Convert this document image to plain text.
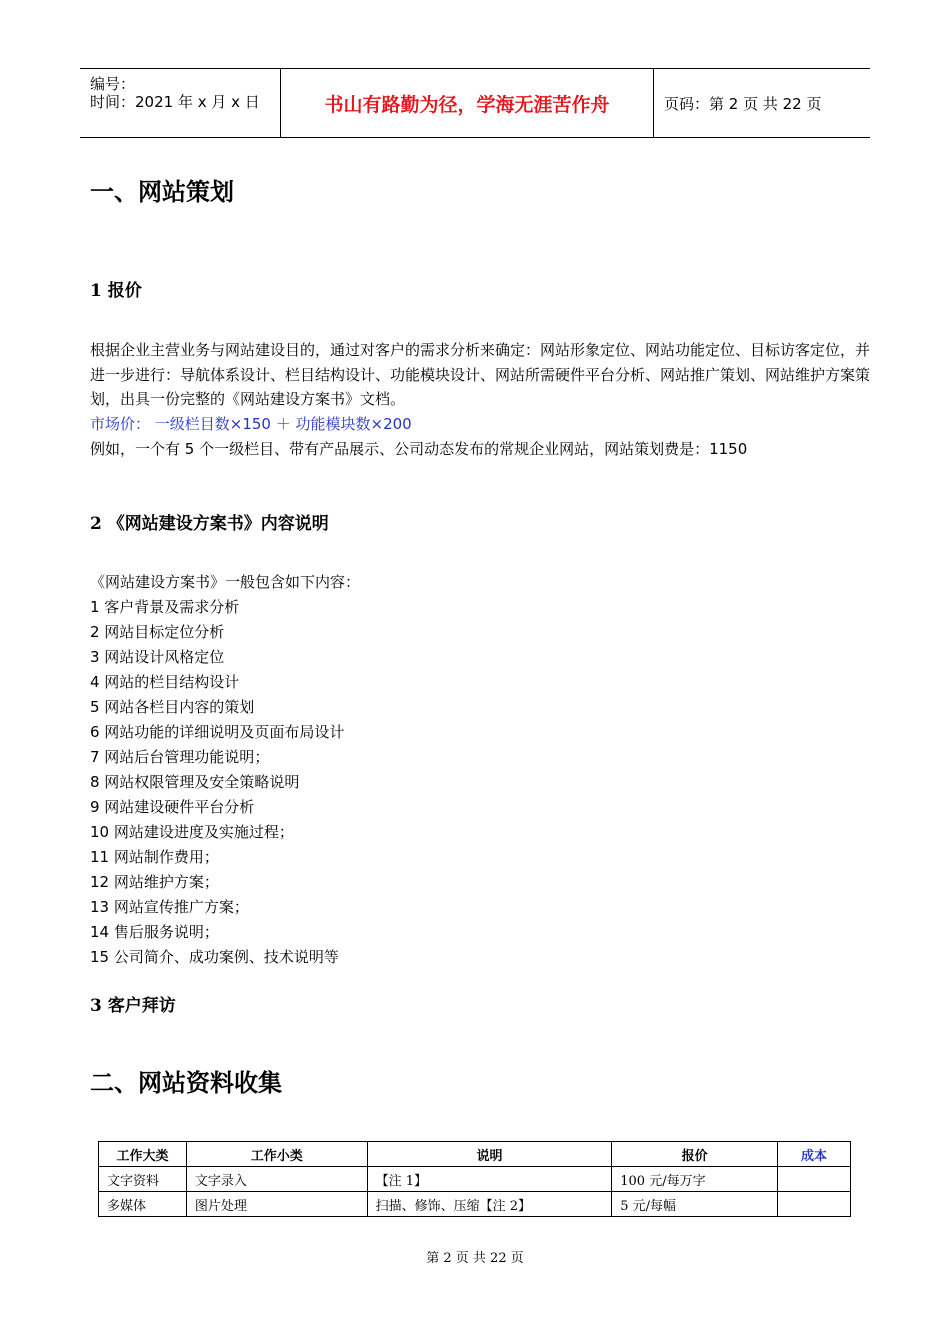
编号：
时间：2021 年 x 月 x 日	书山有路勤为径，学海无涯苦作舟	页码：第 2 页 共 22 页
一、网站策划
1 报价
根据企业主营业务与网站建设目的，通过对客户的需求分析来确定：网站形象定位、网站功能定位、目标访客定位，并进一步进行：导航体系设计、栏目结构设计、功能模块设计、网站所需硬件平台分析、网站推广策划、网站维护方案策划，出具一份完整的《网站建设方案书》文档。
市场价： 一级栏目数×150 ＋ 功能模块数×200
例如，一个有 5 个一级栏目、带有产品展示、公司动态发布的常规企业网站，网站策划费是：1150
2 《网站建设方案书》内容说明
《网站建设方案书》一般包含如下内容：
1 客户背景及需求分析
2 网站目标定位分析
3 网站设计风格定位
4 网站的栏目结构设计
5 网站各栏目内容的策划
6 网站功能的详细说明及页面布局设计
7 网站后台管理功能说明；
8 网站权限管理及安全策略说明
9 网站建设硬件平台分析
10 网站建设进度及实施过程；
11 网站制作费用；
12 网站维护方案；
13 网站宣传推广方案；
14 售后服务说明；
15 公司简介、成功案例、技术说明等
3 客户拜访
二、网站资料收集
工作大类	工作小类	说明	报价	成本
文字资料	文字录入	【注 1】	100 元/每万字	
多媒体	图片处理	扫描、修饰、压缩【注 2】	5 元/每幅	
第 2 页 共 22 页
